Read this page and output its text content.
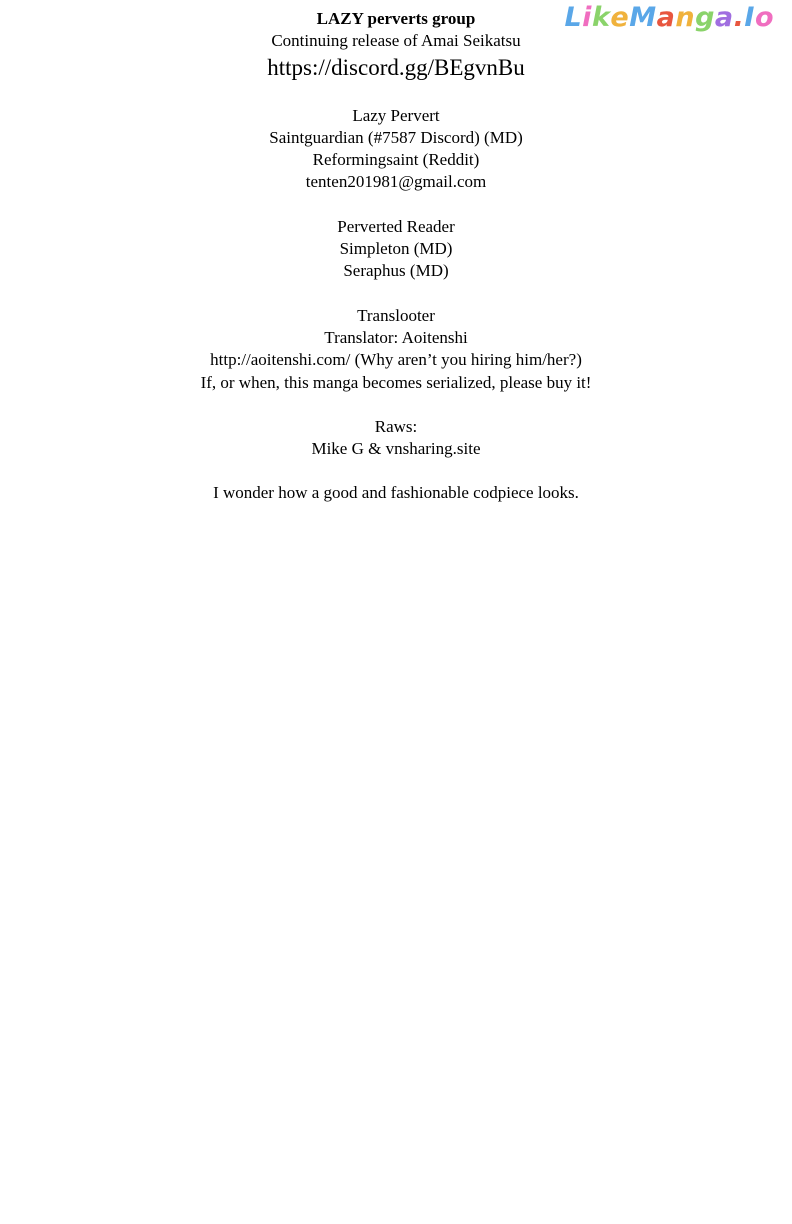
LikeManga.Io
LAZY perverts group
Continuing release of Amai Seikatsu
https://discord.gg/BEgvnBu
Lazy Pervert
Saintguardian (#7587 Discord) (MD)
Reformingsaint (Reddit)
tenten201981@gmail.com
Perverted Reader
Simpleton (MD)
Seraphus (MD)
Translooter
Translator: Aoitenshi
http://aoitenshi.com/ (Why aren’t you hiring him/her?)
If, or when, this manga becomes serialized, please buy it!
Raws:
Mike G & vnsharing.site
I wonder how a good and fashionable codpiece looks.
